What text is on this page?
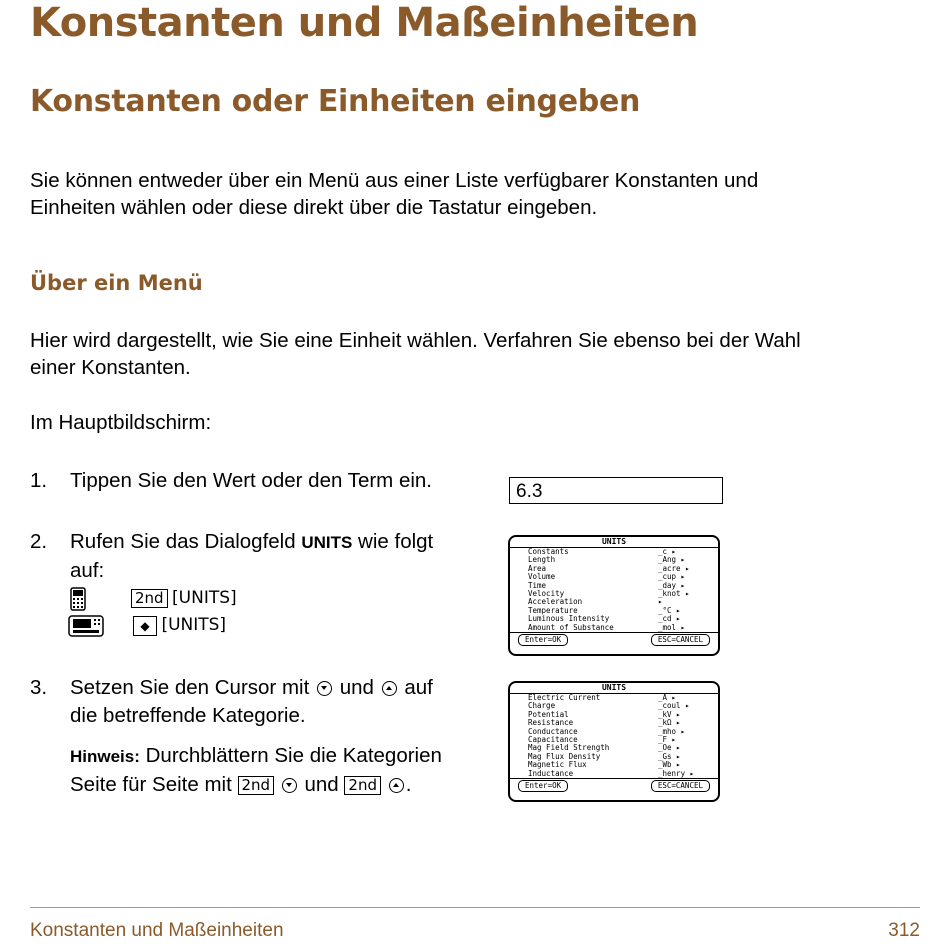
Konstanten und Maßeinheiten
Konstanten oder Einheiten eingeben
Sie können entweder über ein Menü aus einer Liste verfügbarer Konstanten und
Einheiten wählen oder diese direkt über die Tastatur eingeben.
Über ein Menü
Hier wird dargestellt, wie Sie eine Einheit wählen. Verfahren Sie ebenso bei der Wahl
einer Konstanten.
Im Hauptbildschirm:
1. Tippen Sie den Wert oder den Term ein.	6.3
2. Rufen Sie das Dialogfeld UNITS wie folgt
auf:
2nd [UNITS]
◆ [UNITS]
UNITS
Constants	_c ▸
Length	_Ang ▸
Area	_acre ▸
Volume	_cup ▸
Time	_day ▸
Velocity	_knot ▸
Acceleration	▸
Temperature	_°C ▸
Luminous Intensity	_cd ▸
Amount of Substance	_mol ▸
Enter=OK	ESC=CANCEL
3. Setzen Sie den Cursor mit und auf
die betreffende Kategorie.
Hinweis: Durchblättern Sie die Kategorien
Seite für Seite mit 2nd und 2nd .
UNITS
Electric Current	_A ▸
Charge	_coul ▸
Potential	_kV ▸
Resistance	_kΩ ▸
Conductance	_mho ▸
Capacitance	_F ▸
Mag Field Strength	_Oe ▸
Mag Flux Density	_Gs ▸
Magnetic Flux	_Wb ▸
Inductance	_henry ▸
Enter=OK	ESC=CANCEL
Konstanten und Maßeinheiten	312
